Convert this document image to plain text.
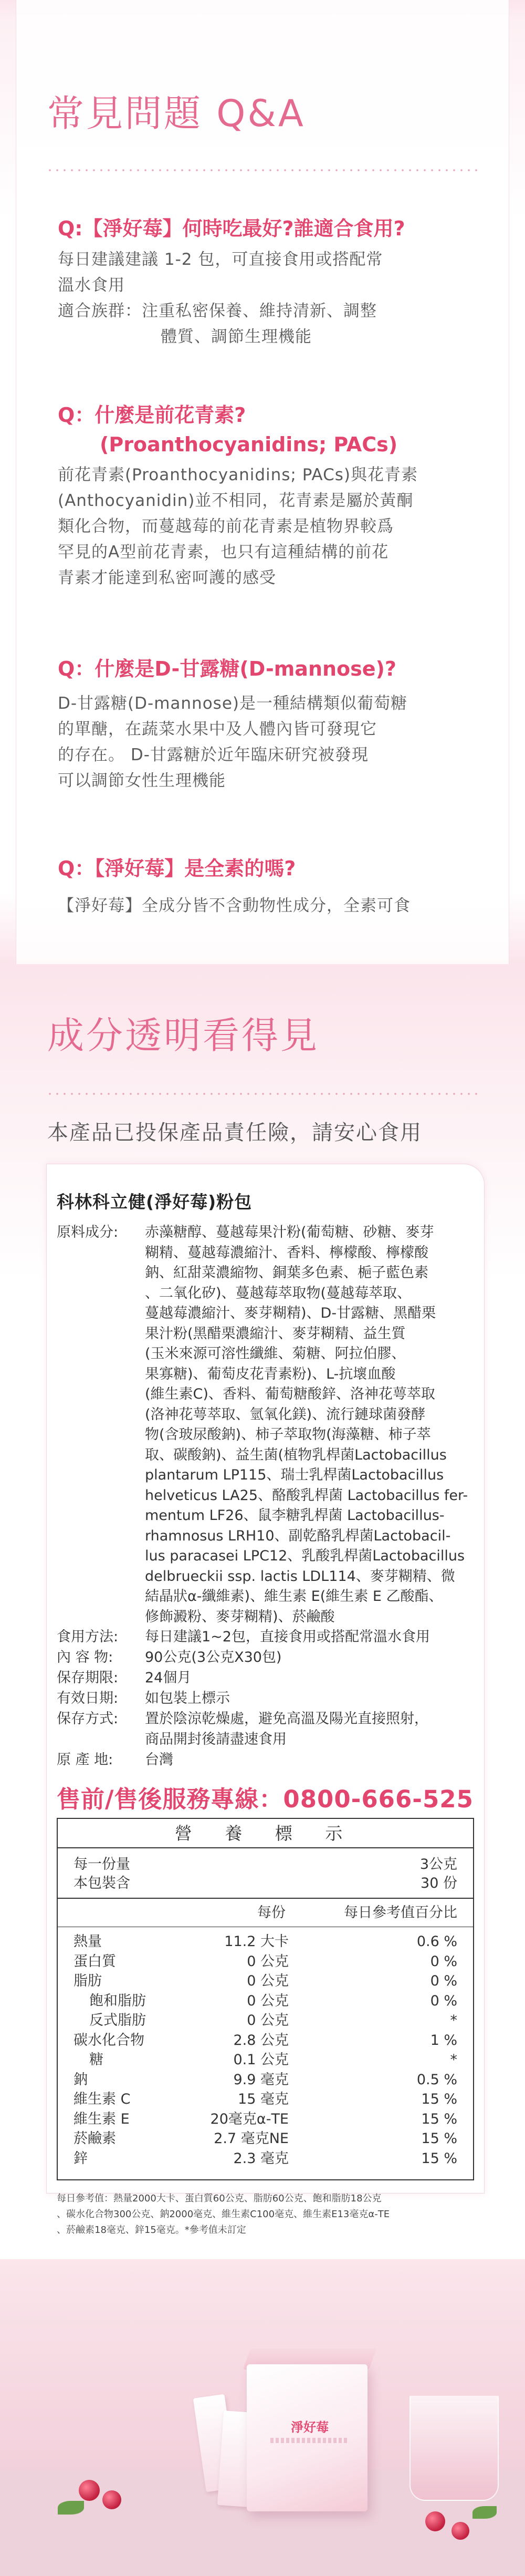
常見問題 Q&A
Q:【淨好莓】何時吃最好?誰適合食用?
每日建議建議 1-2 包，可直接食用或搭配常
溫水食用
適合族群：注重私密保養、維持清新、調整
體質、調節生理機能
Q：什麼是前花青素?
(Proanthocyanidins; PACs)
前花青素(Proanthocyanidins; PACs)與花青素
(Anthocyanidin)並不相同，花青素是屬於黃酮
類化合物，而蔓越莓的前花青素是植物界較爲
罕見的A型前花青素，也只有這種結構的前花
青素才能達到私密呵護的感受
Q：什麼是D-甘露糖(D-mannose)?
D-甘露糖(D-mannose)是一種結構類似葡萄糖
的單醣，在蔬菜水果中及人體內皆可發現它
的存在。 D-甘露糖於近年臨床研究被發現
可以調節女性生理機能
Q：【淨好莓】是全素的嗎?
【淨好莓】全成分皆不含動物性成分，全素可食
成分透明看得見
本產品已投保產品責任險，請安心食用
科林科立健(淨好莓)粉包
原料成分:	赤藻糖醇、蔓越莓果汁粉(葡萄糖、砂糖、麥芽
糊精、蔓越莓濃縮汁、香料、檸檬酸、檸檬酸
鈉、紅甜菜濃縮物、銅葉多色素、梔子藍色素
、二氧化矽)、蔓越莓萃取物(蔓越莓萃取、
蔓越莓濃縮汁、麥芽糊精)、D-甘露糖、黑醋栗
果汁粉(黑醋栗濃縮汁、麥芽糊精、益生質
(玉米來源可溶性纖維、菊糖、阿拉伯膠、
果寡糖)、葡萄皮花青素粉)、L-抗壞血酸
(維生素C)、香料、葡萄糖酸鋅、洛神花萼萃取
(洛神花萼萃取、氫氧化鎂)、流行鏈球菌發酵
物(含玻尿酸鈉)、柿子萃取物(海藻糖、柿子萃
取、碳酸鈉)、益生菌(植物乳桿菌Lactobacillus
plantarum LP115、瑞士乳桿菌Lactobacillus
helveticus LA25、酪酸乳桿菌 Lactobacillus fer-
mentum LF26、鼠李糖乳桿菌 Lactobacillus-
rhamnosus LRH10、副乾酪乳桿菌Lactobacil-
lus paracasei LPC12、乳酸乳桿菌Lactobacillus
delbrueckii ssp. lactis LDL114、麥芽糊精、微
結晶狀α-纖維素)、維生素 E(維生素 E 乙酸酯、
修飾澱粉、麥芽糊精)、菸鹼酸
食用方法:	每日建議1~2包，直接食用或搭配常溫水食用
內 容 物:	90公克(3公克X30包)
保存期限:	24個月
有效日期:	如包裝上標示
保存方式:	置於陰涼乾燥處，避免高溫及陽光直接照射，
商品開封後請盡速食用
原 產 地:	台灣
售前/售後服務專線：0800-666-525
營 養 標 示
每一份量	3公克
本包裝含	30 份
每份	每日參考值百分比
熱量	11.2 大卡	0.6 %
蛋白質	0 公克	0 %
脂肪	0 公克	0 %
飽和脂肪	0 公克	0 %
反式脂肪	0 公克	*
碳水化合物	2.8 公克	1 %
糖	0.1 公克	*
鈉	9.9 毫克	0.5 %
維生素 C	15 毫克	15 %
維生素 E	20毫克α-TE	15 %
菸鹼素	2.7 毫克NE	15 %
鋅	2.3 毫克	15 %
每日參考值：熱量2000大卡、蛋白質60公克、脂肪60公克、飽和脂肪18公克
、碳水化合物300公克、鈉2000毫克、維生素C100毫克、維生素E13毫克α-TE
、菸鹼素18毫克、鋅15毫克。*參考值未訂定
淨好莓
